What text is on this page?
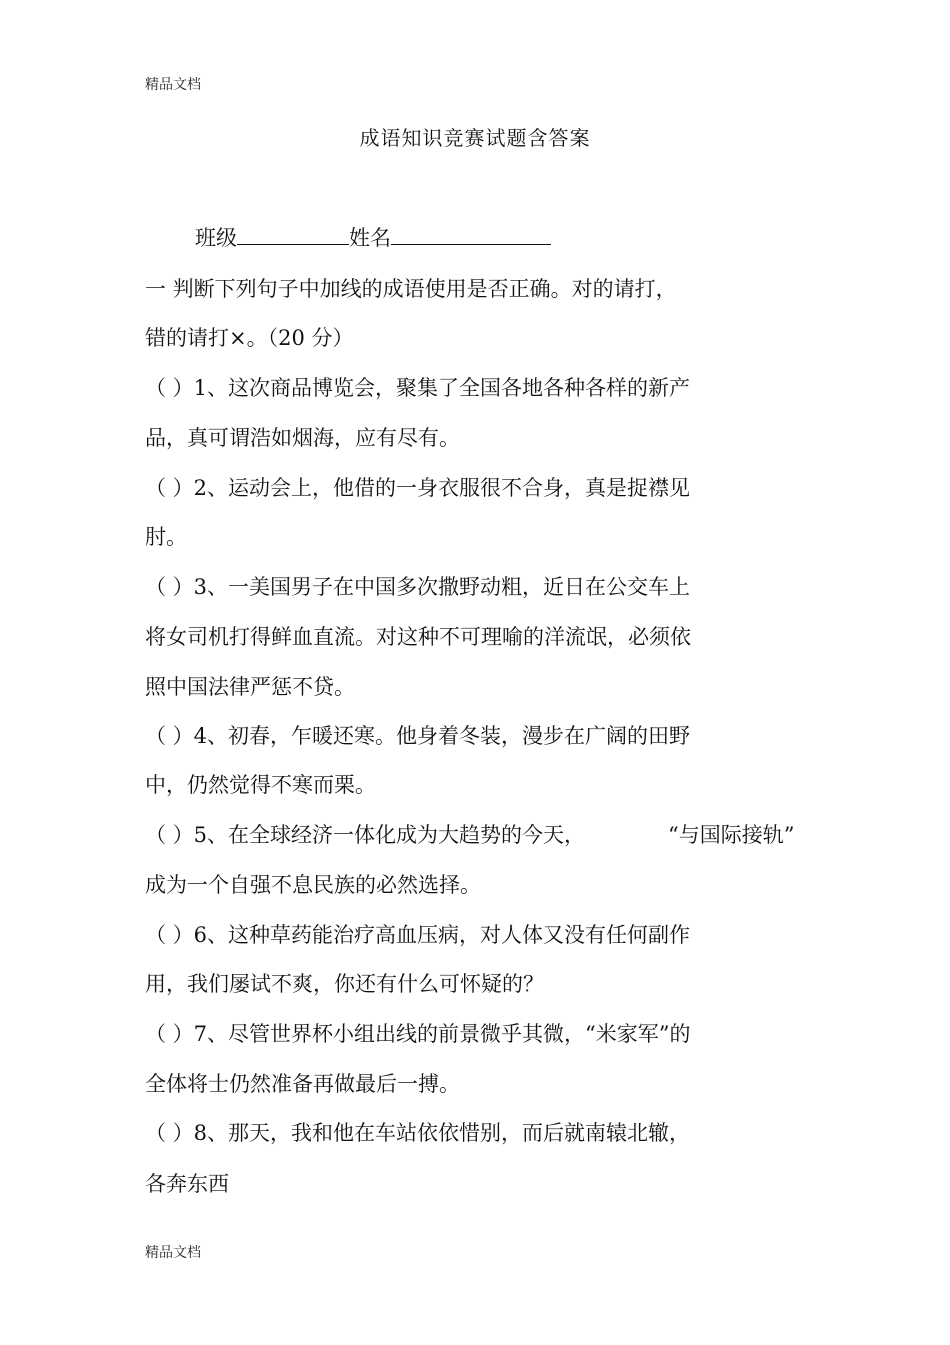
精品文档
成语知识竞赛试题含答案
班级	姓名
一 判断下列句子中加线的成语使用是否正确。对的请打，
错的请打×。（20 分）
（ ）1、这次商品博览会，聚集了全国各地各种各样的新产
品，真可谓浩如烟海，应有尽有。
（ ）2、运动会上，他借的一身衣服很不合身，真是捉襟见
肘。
（ ）3、一美国男子在中国多次撒野动粗，近日在公交车上
将女司机打得鲜血直流。对这种不可理喻的洋流氓，必须依
照中国法律严惩不贷。
（ ）4、初春，乍暖还寒。他身着冬装，漫步在广阔的田野
中，仍然觉得不寒而栗。
（ ）5、在全球经济一体化成为大趋势的今天，	“与国际接轨”
成为一个自强不息民族的必然选择。
（ ）6、这种草药能治疗高血压病，对人体又没有任何副作
用，我们屡试不爽，你还有什么可怀疑的？
（ ）7、尽管世界杯小组出线的前景微乎其微，“米家军”的
全体将士仍然准备再做最后一搏。
（ ）8、那天，我和他在车站依依惜别，而后就南辕北辙，
各奔东西
精品文档
